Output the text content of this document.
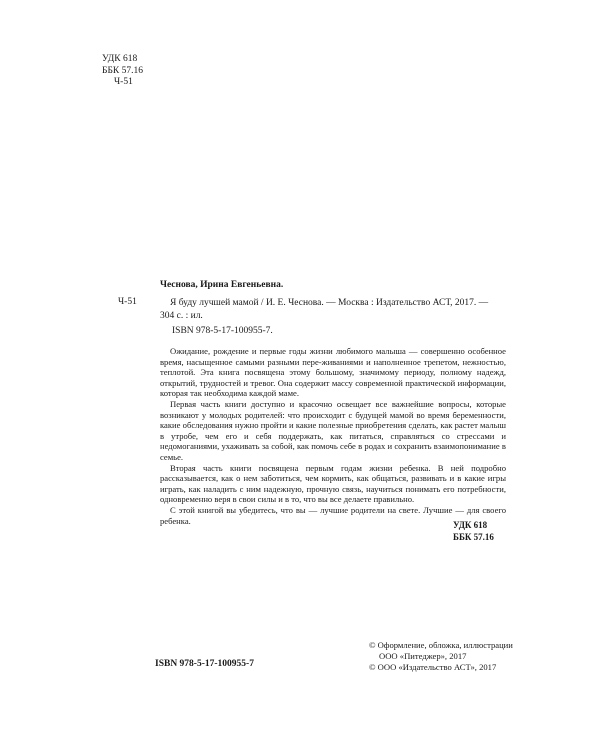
УДК 618
ББК 57.16
Ч-51
Чеснова, Ирина Евгеньевна.
Ч-51	Я буду лучшей мамой / И. Е. Чеснова. — Москва : Издательство АСТ, 2017. — 304 с. : ил.

ISBN 978-5-17-100955-7.

Ожидание, рождение и первые годы жизни любимого малыша — совершенно особенное время, насыщенное самыми разными пере-живаниями и наполненное трепетом, нежностью, теплотой. Эта книга посвящена этому большому, значимому периоду, полному надежд, открытий, трудностей и тревог. Она содержит массу современной практической информации, которая так необходима каждой маме.

Первая часть книги доступно и красочно освещает все важнейшие вопросы, которые возникают у молодых родителей: что происходит с будущей мамой во время беременности, какие обследования нужно пройти и какие полезные приобретения сделать, как растет малыш в утробе, чем его и себя поддержать, как питаться, справляться со стрессами и недомоганиями, ухаживать за собой, как помочь себе в родах и сохранить взаимопонимание в семье.

Вторая часть книги посвящена первым годам жизни ребенка. В ней подробно рассказывается, как о нем заботиться, чем кормить, как общаться, развивать и в какие игры играть, как наладить с ним надежную, прочную связь, научиться понимать его потребности, одновременно веря в свои силы и в то, что вы все делаете правильно.

С этой книгой вы убедитесь, что вы — лучшие родители на свете. Лучшие — для своего ребенка.	УДК 618
ББК 57.16
© Оформление, обложка, иллюстрации
ООО «Питеджер», 2017
© ООО «Издательство АСТ», 2017
ISBN 978-5-17-100955-7
